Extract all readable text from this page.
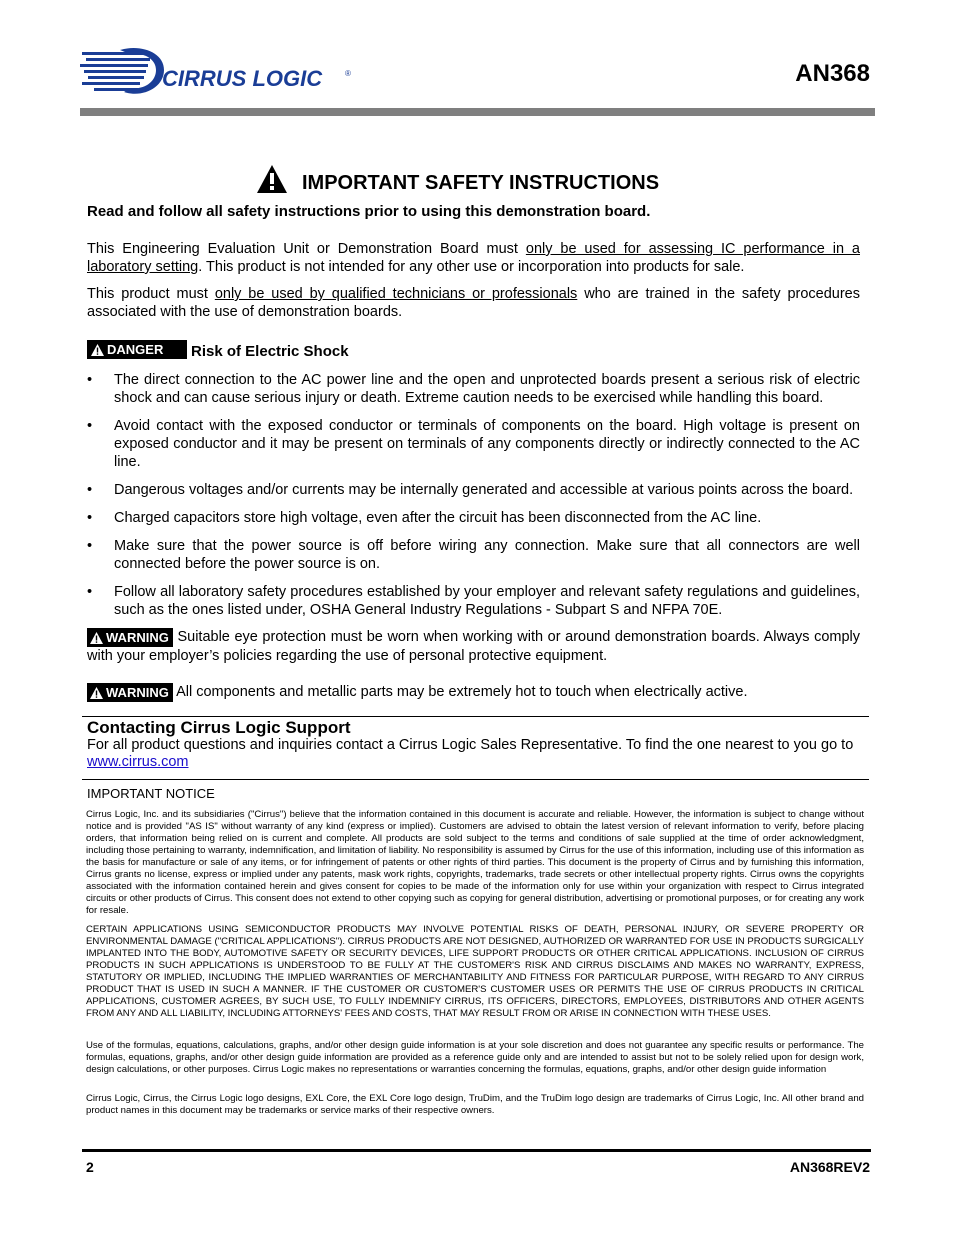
CIRRUS LOGIC	®	AN368
IMPORTANT SAFETY INSTRUCTIONS
Read and follow all safety instructions prior to using this demonstration board.
This Engineering Evaluation Unit or Demonstration Board must only be used for assessing IC performance in a laboratory setting. This product is not intended for any other use or incorporation into products for sale.
This product must only be used by qualified technicians or professionals who are trained in the safety procedures associated with the use of demonstration boards.
DANGER Risk of Electric Shock
• The direct connection to the AC power line and the open and unprotected boards present a serious risk of electric shock and can cause serious injury or death. Extreme caution needs to be exercised while handling this board.
• Avoid contact with the exposed conductor or terminals of components on the board. High voltage is present on exposed conductor and it may be present on terminals of any components directly or indirectly connected to the AC line.
• Dangerous voltages and/or currents may be internally generated and accessible at various points across the board.
• Charged capacitors store high voltage, even after the circuit has been disconnected from the AC line.
• Make sure that the power source is off before wiring any connection. Make sure that all connectors are well connected before the power source is on.
• Follow all laboratory safety procedures established by your employer and relevant safety regulations and guidelines, such as the ones listed under, OSHA General Industry Regulations - Subpart S and NFPA 70E.
WARNING Suitable eye protection must be worn when working with or around demonstration boards. Always comply with your employer’s policies regarding the use of personal protective equipment.
WARNING All components and metallic parts may be extremely hot to touch when electrically active.
Contacting Cirrus Logic Support
For all product questions and inquiries contact a Cirrus Logic Sales Representative. To find the one nearest to you go to www.cirrus.com
IMPORTANT NOTICE
Cirrus Logic, Inc. and its subsidiaries ("Cirrus") believe that the information contained in this document is accurate and reliable. However, the information is subject to change without notice and is provided "AS IS" without warranty of any kind (express or implied). Customers are advised to obtain the latest version of relevant information to verify, before placing orders, that information being relied on is current and complete. All products are sold subject to the terms and conditions of sale supplied at the time of order acknowledgment, including those pertaining to warranty, indemnification, and limitation of liability. No responsibility is assumed by Cirrus for the use of this information, including use of this information as the basis for manufacture or sale of any items, or for infringement of patents or other rights of third parties. This document is the property of Cirrus and by furnishing this information, Cirrus grants no license, express or implied under any patents, mask work rights, copyrights, trademarks, trade secrets or other intellectual property rights. Cirrus owns the copyrights associated with the information contained herein and gives consent for copies to be made of the information only for use within your organization with respect to Cirrus integrated circuits or other products of Cirrus. This consent does not extend to other copying such as copying for general distribution, advertising or promotional purposes, or for creating any work for resale.
CERTAIN APPLICATIONS USING SEMICONDUCTOR PRODUCTS MAY INVOLVE POTENTIAL RISKS OF DEATH, PERSONAL INJURY, OR SEVERE PROPERTY OR ENVIRONMENTAL DAMAGE ("CRITICAL APPLICATIONS"). CIRRUS PRODUCTS ARE NOT DESIGNED, AUTHORIZED OR WARRANTED FOR USE IN PRODUCTS SURGICALLY IMPLANTED INTO THE BODY, AUTOMOTIVE SAFETY OR SECURITY DEVICES, LIFE SUPPORT PRODUCTS OR OTHER CRITICAL APPLICATIONS. INCLUSION OF CIRRUS PRODUCTS IN SUCH APPLICATIONS IS UNDERSTOOD TO BE FULLY AT THE CUSTOMER'S RISK AND CIRRUS DISCLAIMS AND MAKES NO WARRANTY, EXPRESS, STATUTORY OR IMPLIED, INCLUDING THE IMPLIED WARRANTIES OF MERCHANTABILITY AND FITNESS FOR PARTICULAR PURPOSE, WITH REGARD TO ANY CIRRUS PRODUCT THAT IS USED IN SUCH A MANNER. IF THE CUSTOMER OR CUSTOMER'S CUSTOMER USES OR PERMITS THE USE OF CIRRUS PRODUCTS IN CRITICAL APPLICATIONS, CUSTOMER AGREES, BY SUCH USE, TO FULLY INDEMNIFY CIRRUS, ITS OFFICERS, DIRECTORS, EMPLOYEES, DISTRIBUTORS AND OTHER AGENTS FROM ANY AND ALL LIABILITY, INCLUDING ATTORNEYS' FEES AND COSTS, THAT MAY RESULT FROM OR ARISE IN CONNECTION WITH THESE USES.
Use of the formulas, equations, calculations, graphs, and/or other design guide information is at your sole discretion and does not guarantee any specific results or performance. The formulas, equations, graphs, and/or other design guide information are provided as a reference guide only and are intended to assist but not to be solely relied upon for design work, design calculations, or other purposes. Cirrus Logic makes no representations or warranties concerning the formulas, equations, graphs, and/or other design guide information
Cirrus Logic, Cirrus, the Cirrus Logic logo designs, EXL Core, the EXL Core logo design, TruDim, and the TruDim logo design are trademarks of Cirrus Logic, Inc. All other brand and product names in this document may be trademarks or service marks of their respective owners.
2	AN368REV2
